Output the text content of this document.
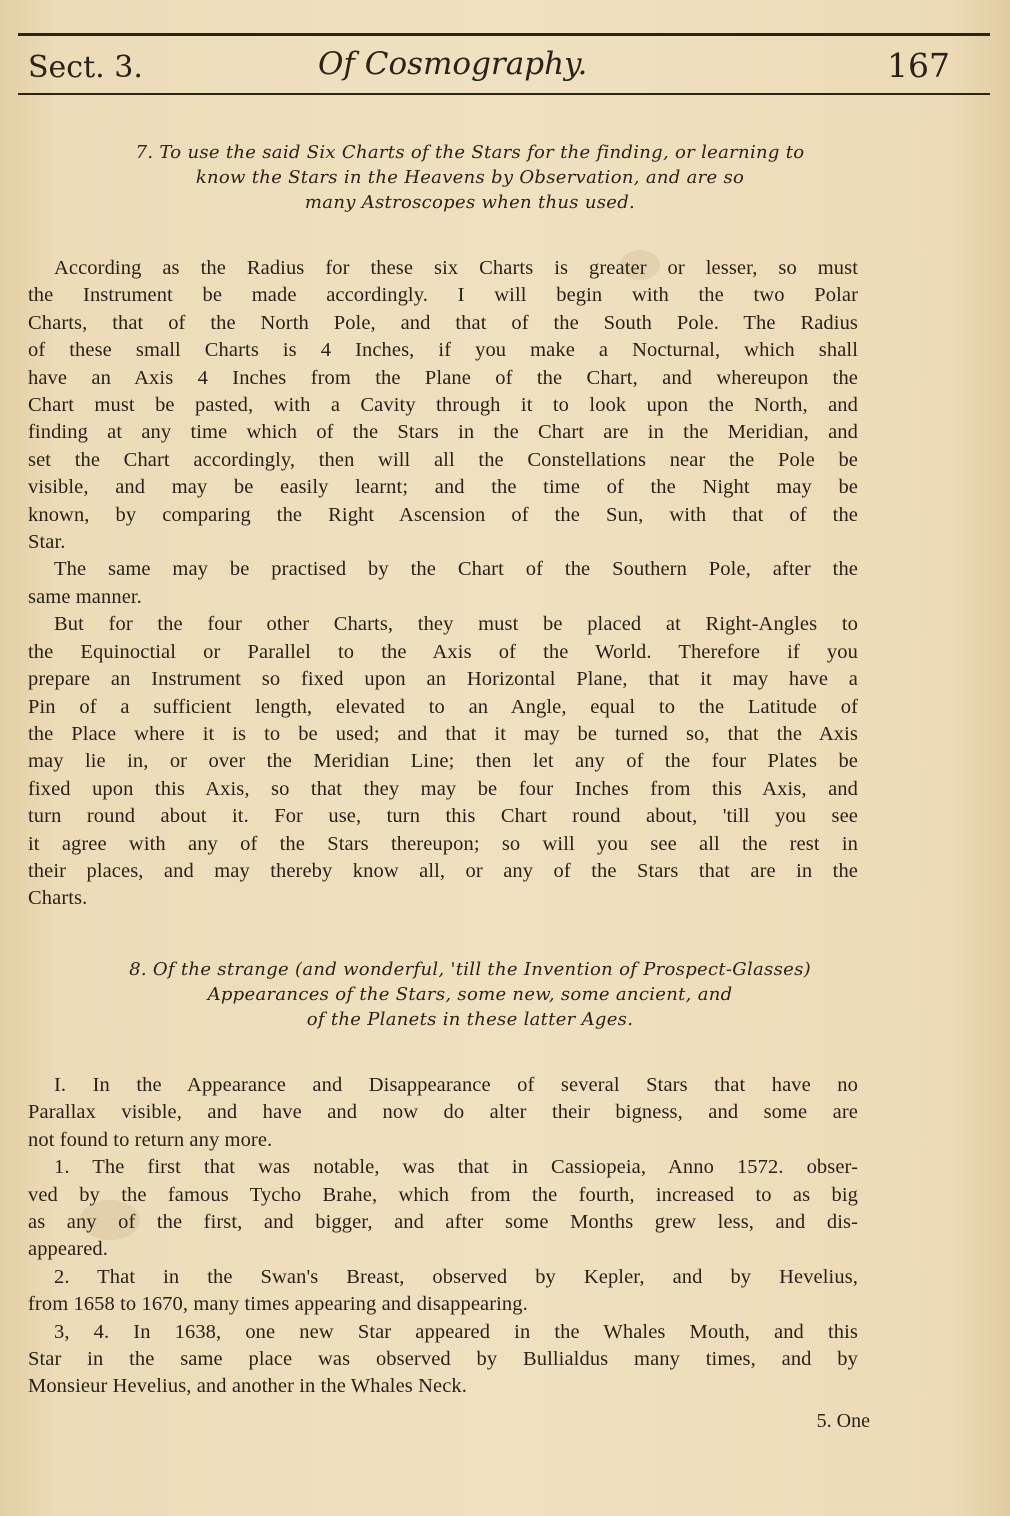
Sect. 3.	Of Cosmography.	167
7. To use the said Six Charts of the Stars for the finding, or learning to
know the Stars in the Heavens by Observation, and are so
many Astroscopes when thus used.
According as the Radius for these six Charts is greater or lesser, so must
the Instrument be made accordingly. I will begin with the two Polar
Charts, that of the North Pole, and that of the South Pole. The Radius
of these small Charts is 4 Inches, if you make a Nocturnal, which shall
have an Axis 4 Inches from the Plane of the Chart, and whereupon the
Chart must be pasted, with a Cavity through it to look upon the North, and
finding at any time which of the Stars in the Chart are in the Meridian, and
set the Chart accordingly, then will all the Constellations near the Pole be
visible, and may be easily learnt; and the time of the Night may be
known, by comparing the Right Ascension of the Sun, with that of the
Star.
The same may be practised by the Chart of the Southern Pole, after the
same manner.
But for the four other Charts, they must be placed at Right-Angles to
the Equinoctial or Parallel to the Axis of the World. Therefore if you
prepare an Instrument so fixed upon an Horizontal Plane, that it may have a
Pin of a sufficient length, elevated to an Angle, equal to the Latitude of
the Place where it is to be used; and that it may be turned so, that the Axis
may lie in, or over the Meridian Line; then let any of the four Plates be
fixed upon this Axis, so that they may be four Inches from this Axis, and
turn round about it. For use, turn this Chart round about, 'till you see
it agree with any of the Stars thereupon; so will you see all the rest in
their places, and may thereby know all, or any of the Stars that are in the
Charts.
8. Of the strange (and wonderful, 'till the Invention of Prospect-Glasses)
Appearances of the Stars, some new, some ancient, and
of the Planets in these latter Ages.
I. In the Appearance and Disappearance of several Stars that have no
Parallax visible, and have and now do alter their bigness, and some are
not found to return any more.
1. The first that was notable, was that in Cassiopeia, Anno 1572. obser-
ved by the famous Tycho Brahe, which from the fourth, increased to as big
as any of the first, and bigger, and after some Months grew less, and dis-
appeared.
2. That in the Swan's Breast, observed by Kepler, and by Hevelius,
from 1658 to 1670, many times appearing and disappearing.
3, 4. In 1638, one new Star appeared in the Whales Mouth, and this
Star in the same place was observed by Bullialdus many times, and by
Monsieur Hevelius, and another in the Whales Neck.
5. One
